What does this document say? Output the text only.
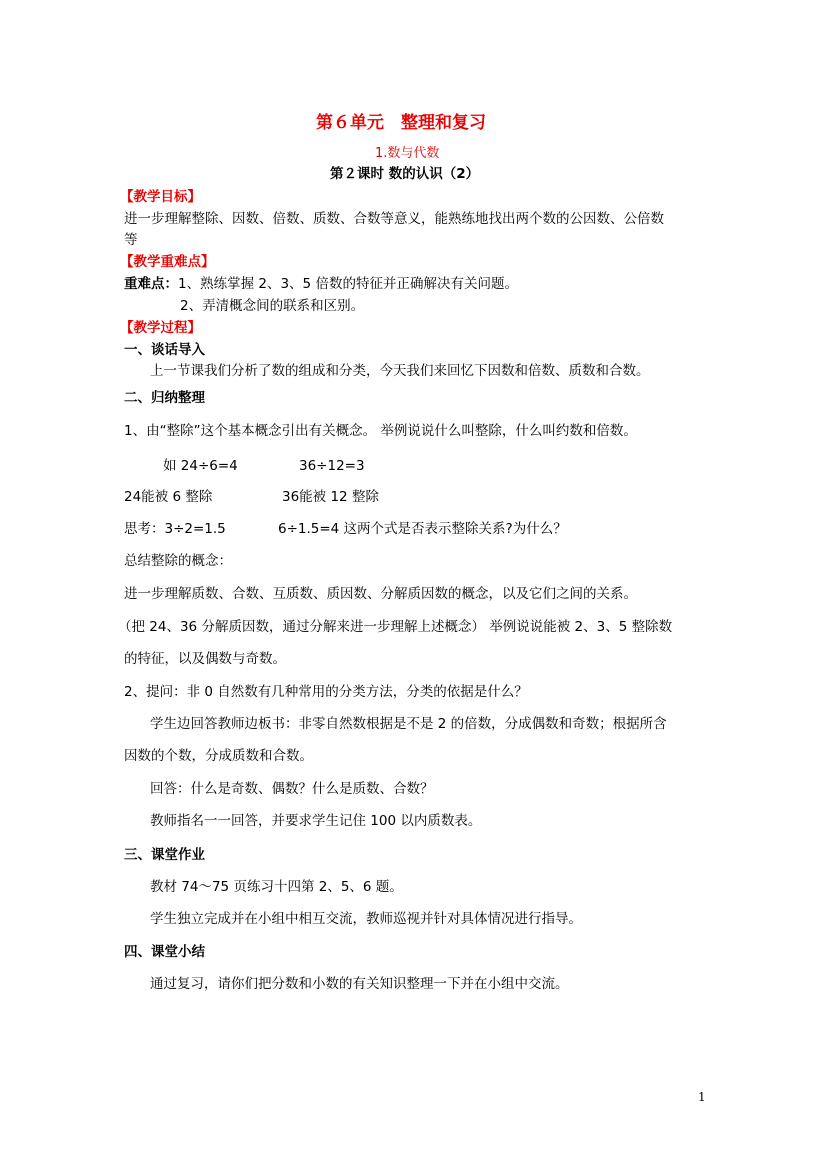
第６单元　整理和复习
1.数与代数
第２课时 数的认识（2）
【教学目标】
进一步理解整除、因数、倍数、质数、合数等意义，能熟练地找出两个数的公因数、公倍数
等
【教学重难点】
重难点：1、熟练掌握 2、3、5 倍数的特征并正确解决有关问题。
2、弄清概念间的联系和区别。
【教学过程】
一、谈话导入
上一节课我们分析了数的组成和分类，今天我们来回忆下因数和倍数、质数和合数。
二、归纳整理
1、由“整除”这个基本概念引出有关概念。 举例说说什么叫整除，什么叫约数和倍数。
如 24÷6=4	36÷12=3
24能被 6 整除	36能被 12 整除
思考：3÷2=1.5	6÷1.5=4 这两个式是否表示整除关系?为什么？
总结整除的概念：
进一步理解质数、合数、互质数、质因数、分解质因数的概念，以及它们之间的关系。
（把 24、36 分解质因数，通过分解来进一步理解上述概念） 举例说说能被 2、3、5 整除数
的特征，以及偶数与奇数。
2、提问：非 0 自然数有几种常用的分类方法，分类的依据是什么？
学生边回答教师边板书：非零自然数根据是不是 2 的倍数，分成偶数和奇数；根据所含
因数的个数，分成质数和合数。
回答：什么是奇数、偶数？什么是质数、合数？
教师指名一一回答，并要求学生记住 100 以内质数表。
三、课堂作业
教材 74～75 页练习十四第 2、5、6 题。
学生独立完成并在小组中相互交流，教师巡视并针对具体情况进行指导。
四、课堂小结
通过复习，请你们把分数和小数的有关知识整理一下并在小组中交流。
1
